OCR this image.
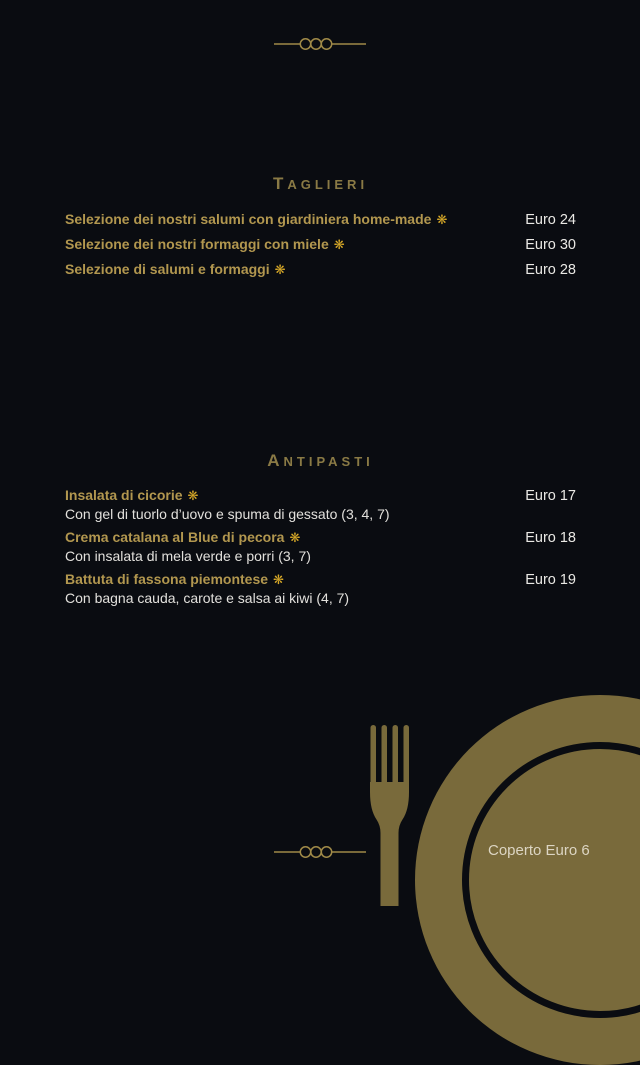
TAGLIERI
Selezione dei nostri salumi con giardiniera home-made ❋	Euro 24
Selezione dei nostri formaggi con miele ❋	Euro 30
Selezione di salumi e formaggi ❋	Euro 28
ANTIPASTI
Insalata di cicorie ❋	Euro 17
Con gel di tuorlo d’uovo e spuma di gessato (3, 4, 7)
Crema catalana al Blue di pecora ❋	Euro 18
Con insalata di mela verde e porri (3, 7)
Battuta di fassona piemontese ❋	Euro 19
Con bagna cauda, carote e salsa ai kiwi (4, 7)
Coperto Euro 6
